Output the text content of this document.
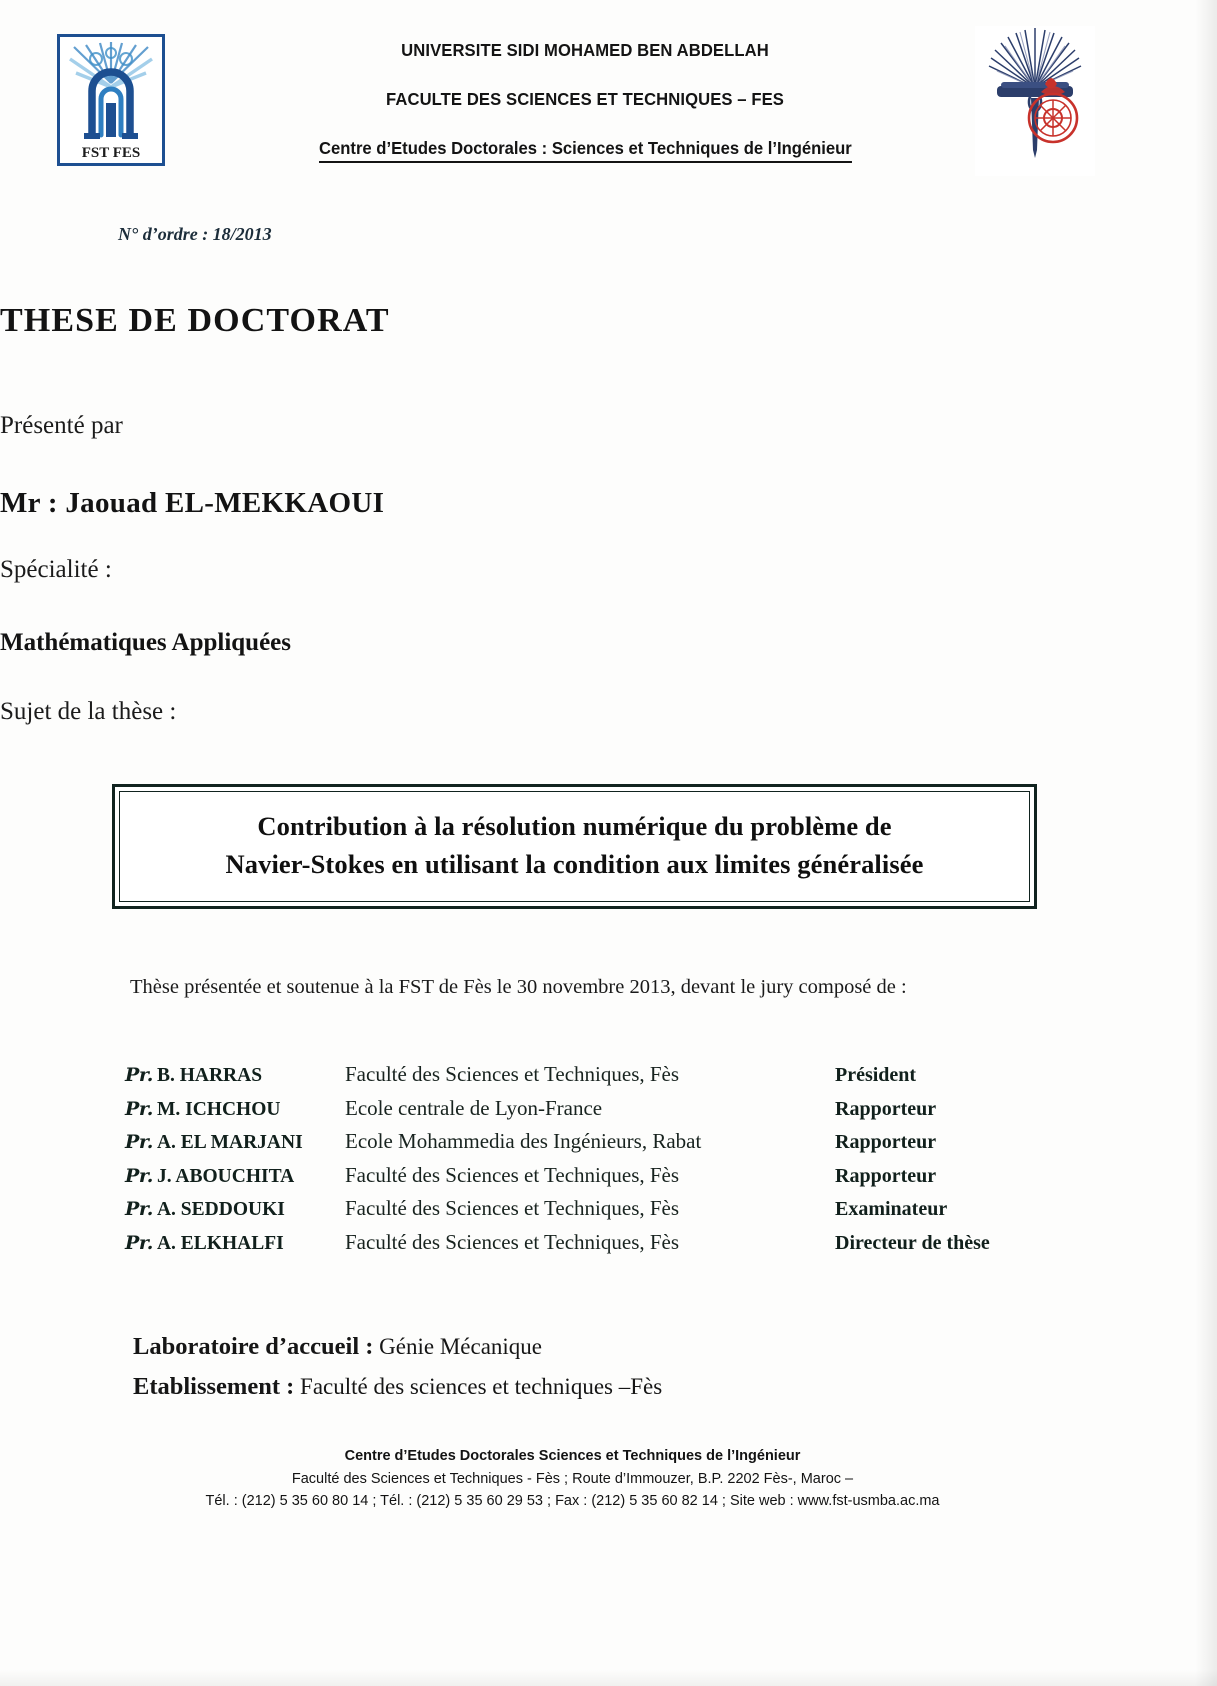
FST FES
UNIVERSITE SIDI MOHAMED BEN ABDELLAH
FACULTE DES SCIENCES ET TECHNIQUES – FES
Centre d’Etudes Doctorales : Sciences et Techniques de l’Ingénieur
N° d’ordre : 18/2013
THESE DE DOCTORAT
Présenté par
Mr : Jaouad EL-MEKKAOUI
Spécialité :
Mathématiques Appliquées
Sujet de la thèse :
Contribution à la résolution numérique du problème de
Navier-Stokes en utilisant la condition aux limites généralisée
Thèse présentée et soutenue à la FST de Fès le 30 novembre 2013, devant le jury composé de :
Pr. B. HARRAS	Faculté des Sciences et Techniques, Fès	Président
Pr. M. ICHCHOU	Ecole centrale de Lyon-France	Rapporteur
Pr. A. EL MARJANI	Ecole Mohammedia des Ingénieurs, Rabat	Rapporteur
Pr. J. ABOUCHITA	Faculté des Sciences et Techniques, Fès	Rapporteur
Pr. A. SEDDOUKI	Faculté des Sciences et Techniques, Fès	Examinateur
Pr. A. ELKHALFI	Faculté des Sciences et Techniques, Fès	Directeur de thèse
Laboratoire d’accueil : Génie Mécanique
Etablissement : Faculté des sciences et techniques –Fès
Centre d’Etudes Doctorales Sciences et Techniques de l’Ingénieur
Faculté des Sciences et Techniques - Fès ; Route d’Immouzer, B.P. 2202 Fès-, Maroc –
Tél. : (212) 5 35 60 80 14 ; Tél. : (212) 5 35 60 29 53 ; Fax : (212) 5 35 60 82 14 ; Site web : www.fst-usmba.ac.ma
